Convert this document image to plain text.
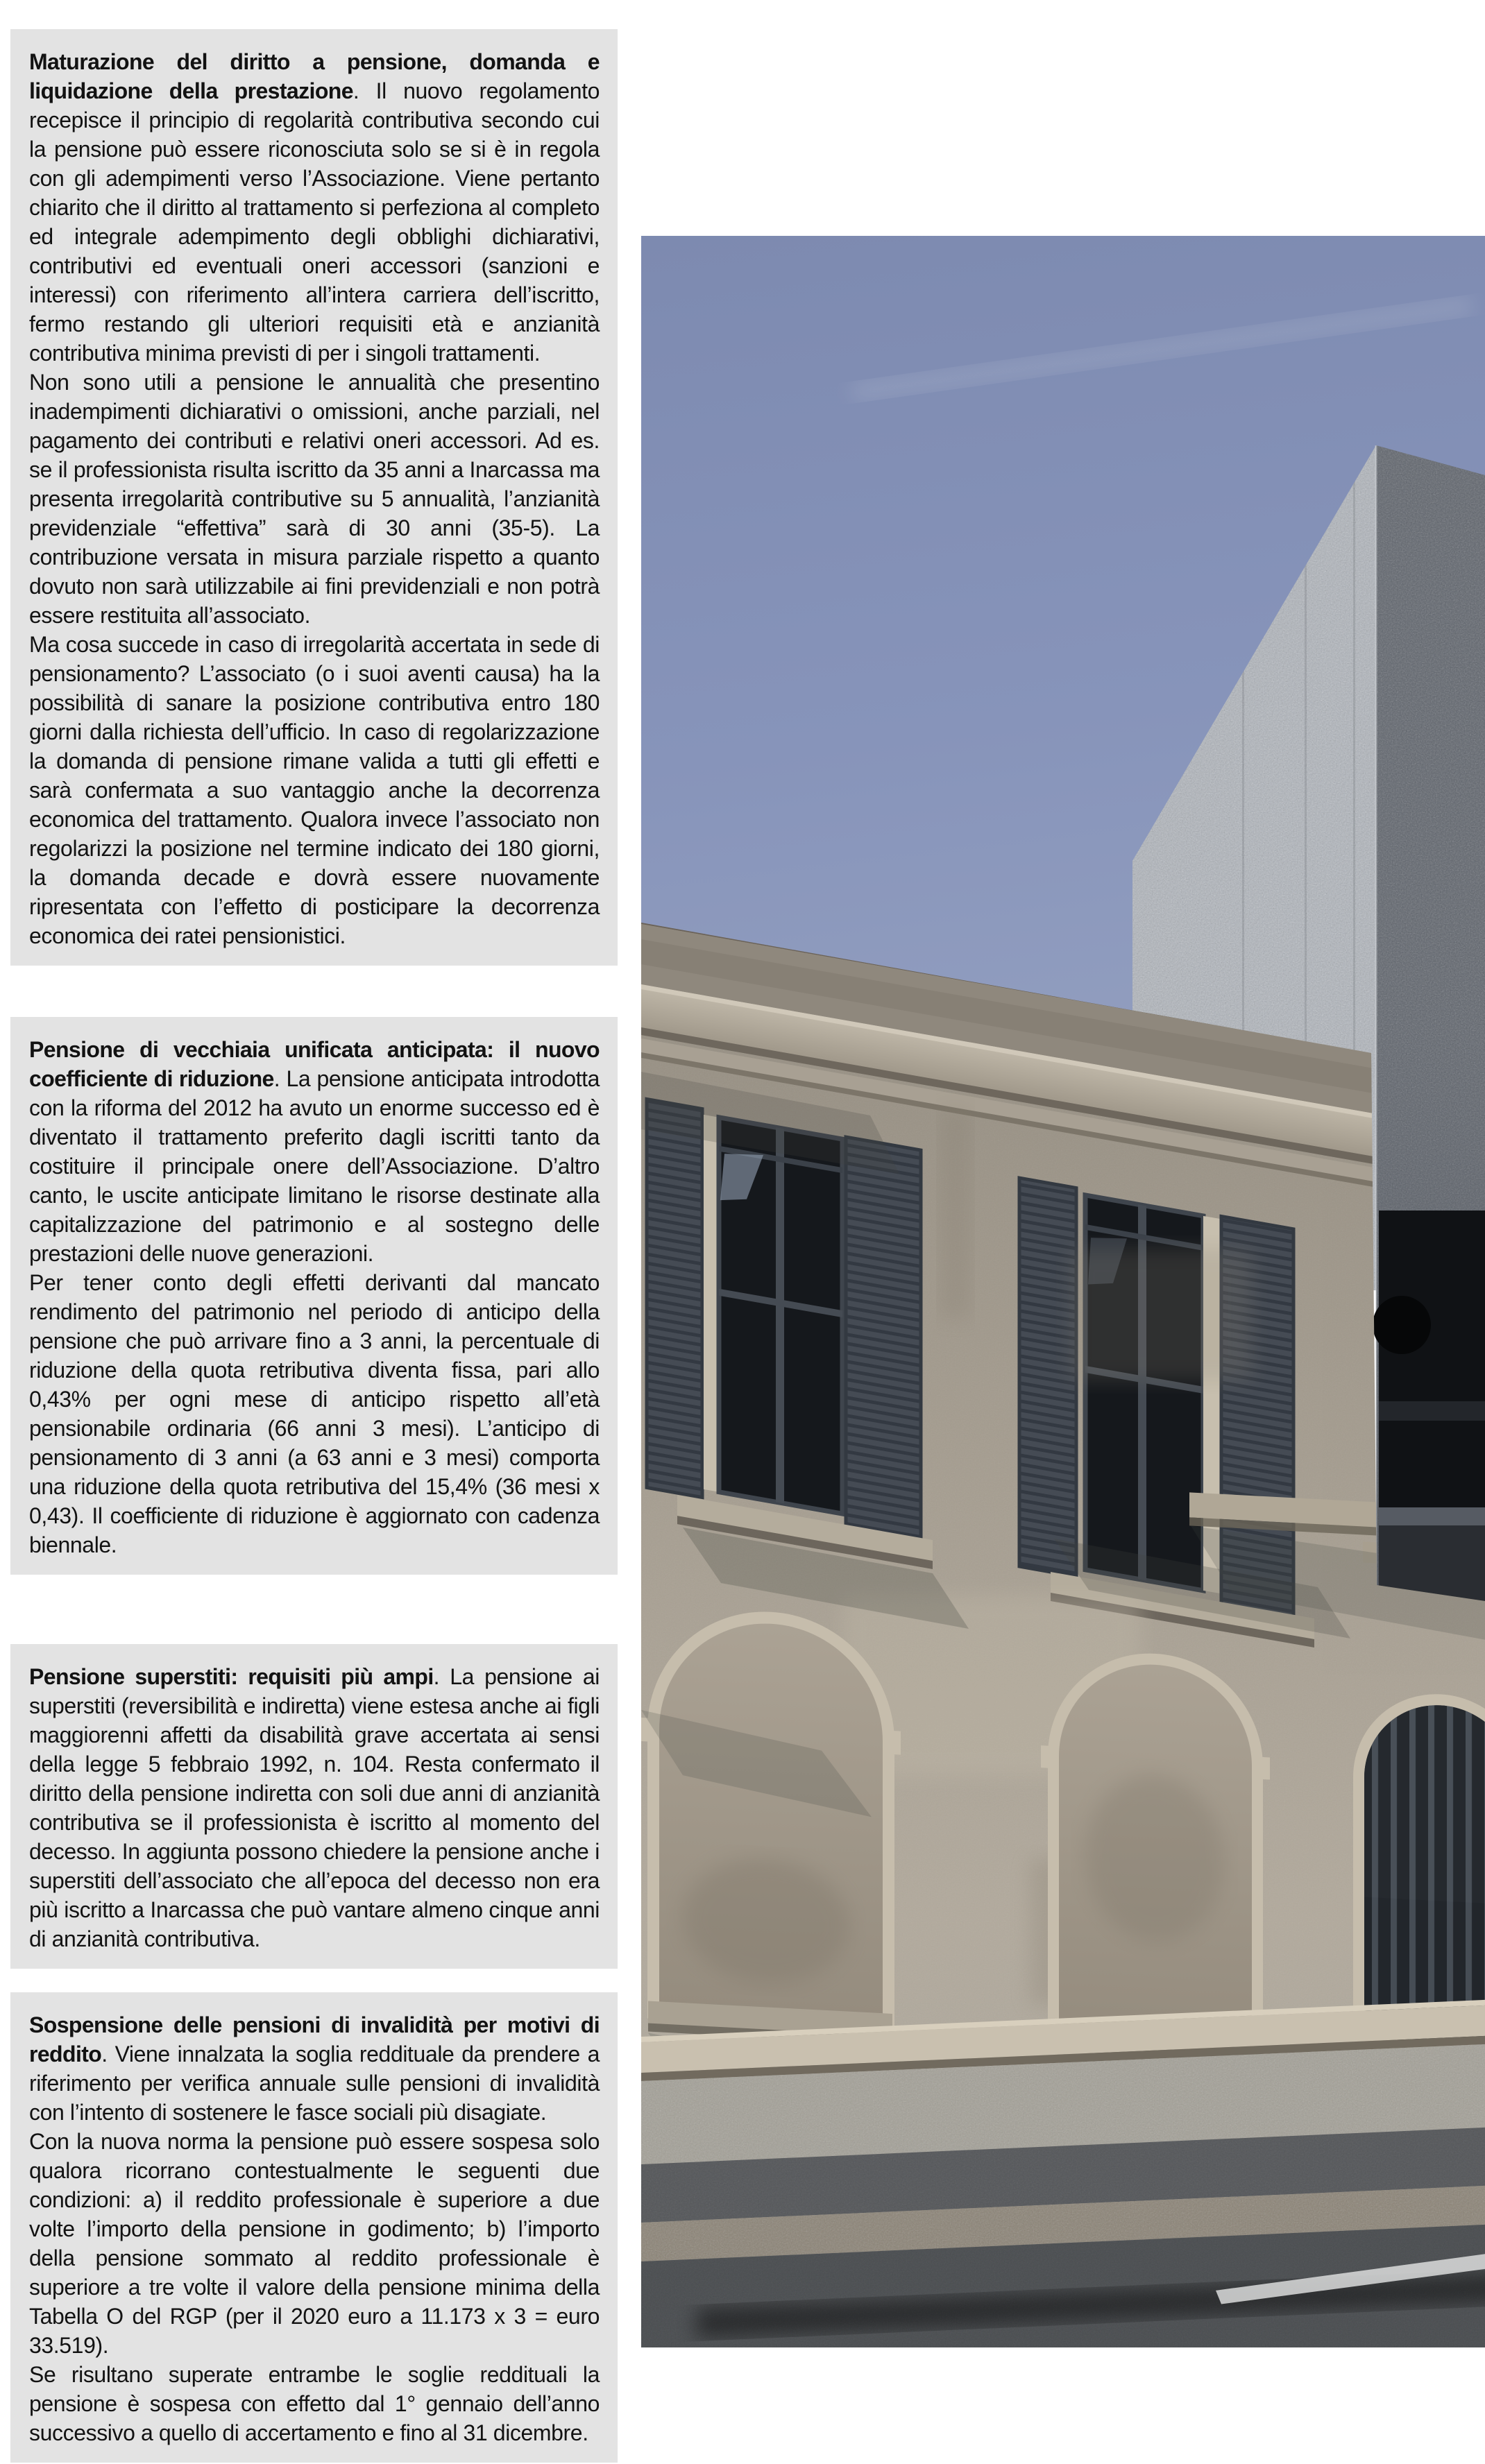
Maturazione del diritto a pensione, domanda e liquidazione della prestazione. Il nuovo regolamento recepisce il principio di regolarità contributiva secondo cui la pensione può essere riconosciuta solo se si è in regola con gli adempimenti verso l’Associazione. Viene pertanto chiarito che il diritto al trattamento si perfeziona al completo ed integrale adempimento degli obblighi dichiarativi, contributivi ed eventuali oneri accessori (sanzioni e interessi) con riferimento all’intera carriera dell’iscritto, fermo restando gli ulteriori requisiti età e anzianità contributiva minima previsti di per i singoli trattamenti.

Non sono utili a pensione le annualità che presentino inadempimenti dichiarativi o omissioni, anche parziali, nel pagamento dei contributi e relativi oneri accessori. Ad es. se il professionista risulta iscritto da 35 anni a Inarcassa ma presenta irregolarità contributive su 5 annualità, l’anzianità previdenziale “effettiva” sarà di 30 anni (35-5). La contribuzione versata in misura parziale rispetto a quanto dovuto non sarà utilizzabile ai fini previdenziali e non potrà essere restituita all’associato.

Ma cosa succede in caso di irregolarità accertata in sede di pensionamento? L’associato (o i suoi aventi causa) ha la possibilità di sanare la posizione contributiva entro 180 giorni dalla richiesta dell’ufficio. In caso di regolarizzazione la domanda di pensione rimane valida a tutti gli effetti e sarà confermata a suo vantaggio anche la decorrenza economica del trattamento. Qualora invece l’associato non regolarizzi la posizione nel termine indicato dei 180 giorni, la domanda decade e dovrà essere nuovamente ripresentata con l’effetto di posticipare la decorrenza economica dei ratei pensionistici.

Pensione di vecchiaia unificata anticipata: il nuovo coefficiente di riduzione. La pensione anticipata introdotta con la riforma del 2012 ha avuto un enorme successo ed è diventato il trattamento preferito dagli iscritti tanto da costituire il principale onere dell’Associazione. D’altro canto, le uscite anticipate limitano le risorse destinate alla capitalizzazione del patrimonio e al sostegno delle prestazioni delle nuove generazioni.

Per tener conto degli effetti derivanti dal mancato rendimento del patrimonio nel periodo di anticipo della pensione che può arrivare fino a 3 anni, la percentuale di riduzione della quota retributiva diventa fissa, pari allo 0,43% per ogni mese di anticipo rispetto all’età pensionabile ordinaria (66 anni 3 mesi). L’anticipo di pensionamento di 3 anni (a 63 anni e 3 mesi) comporta una riduzione della quota retributiva del 15,4% (36 mesi x 0,43). Il coefficiente di riduzione è aggiornato con cadenza biennale.

Pensione superstiti: requisiti più ampi. La pensione ai superstiti (reversibilità e indiretta) viene estesa anche ai figli maggiorenni affetti da disabilità grave accertata ai sensi della legge 5 febbraio 1992, n. 104. Resta confermato il diritto della pensione indiretta con soli due anni di anzianità contributiva se il professionista è iscritto al momento del decesso. In aggiunta possono chiedere la pensione anche i superstiti dell’associato che all’epoca del decesso non era più iscritto a Inarcassa che può vantare almeno cinque anni di anzianità contributiva.

Sospensione delle pensioni di invalidità per motivi di reddito. Viene innalzata la soglia reddituale da prendere a riferimento per verifica annuale sulle pensioni di invalidità con l’intento di sostenere le fasce sociali più disagiate.

Con la nuova norma la pensione può essere sospesa solo qualora ricorrano contestualmente le seguenti due condizioni: a) il reddito professionale è superiore a due volte l’importo della pensione in godimento; b) l’importo della pensione sommato al reddito professionale è superiore a tre volte il valore della pensione minima della Tabella O del RGP (per il 2020 euro a 11.173 x 3 = euro 33.519).

Se risultano superate entrambe le soglie reddituali la pensione è sospesa con effetto dal 1° gennaio dell’anno successivo a quello di accertamento e fino al 31 dicembre.
